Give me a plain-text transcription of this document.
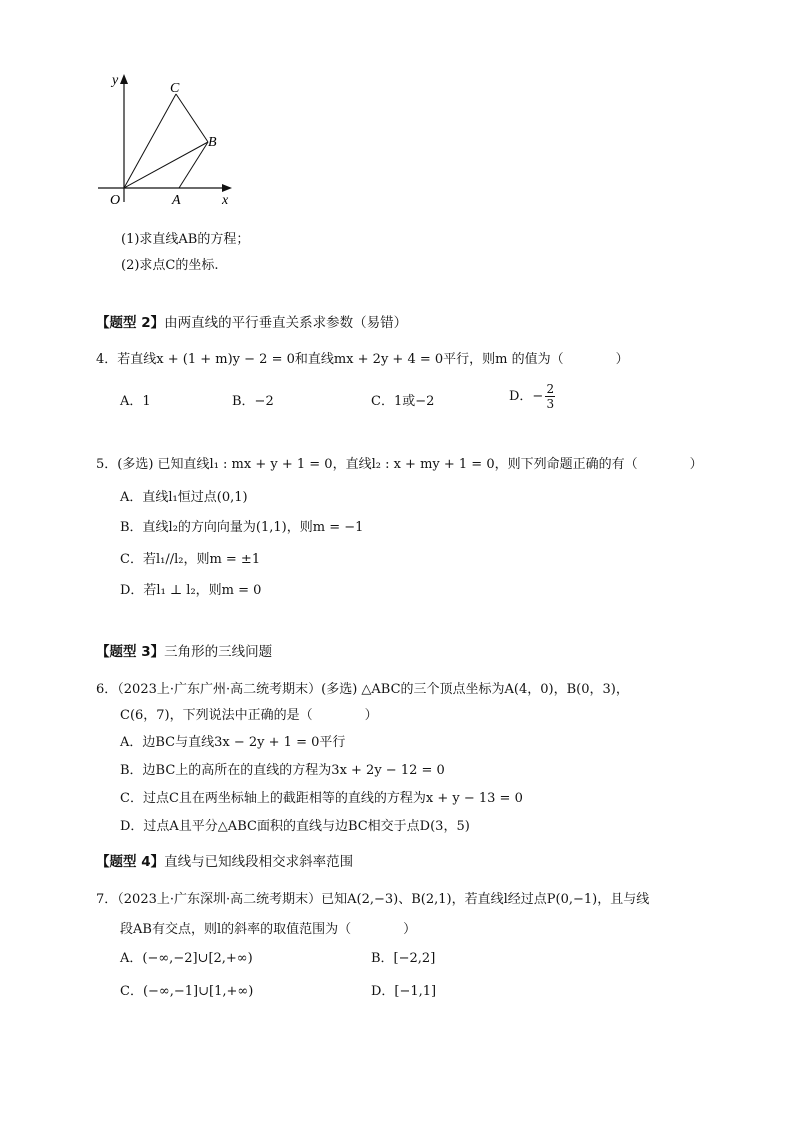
y
x
O	A
B
C
(1)求直线AB的方程；
(2)求点C的坐标.
【题型 2】由两直线的平行垂直关系求参数（易错）
4．若直线x + (1 + m)y − 2 = 0和直线mx + 2y + 4 = 0平行，则m 的值为（　　　　）
A．1	B．−2	C．1或−2	D．− $\frac{2}{3}$
5．(多选) 已知直线l₁ : mx + y + 1 = 0，直线l₂ : x + my + 1 = 0，则下列命题正确的有（　　　　）
A．直线l₁恒过点(0,1)
B．直线l₂的方向向量为(1,1)，则m = −1
C．若l₁//l₂，则m = ±1
D．若l₁ ⊥ l₂，则m = 0
【题型 3】三角形的三线问题
6．（2023上·广东广州·高二统考期末）(多选) △ABC的三个顶点坐标为A(4，0)，B(0，3)，
C(6，7)，下列说法中正确的是（　　　　）
A．边BC与直线3x − 2y + 1 = 0平行
B．边BC上的高所在的直线的方程为3x + 2y − 12 = 0
C．过点C且在两坐标轴上的截距相等的直线的方程为x + y − 13 = 0
D．过点A且平分△ABC面积的直线与边BC相交于点D(3，5)
【题型 4】直线与已知线段相交求斜率范围
7．（2023上·广东深圳·高二统考期末）已知A(2,−3)、B(2,1)，若直线l经过点P(0,−1)，且与线
段AB有交点，则l的斜率的取值范围为（　　　　）
A．(−∞,−2]∪[2,+∞)	B．[−2,2]
C．(−∞,−1]∪[1,+∞)	D．[−1,1]
